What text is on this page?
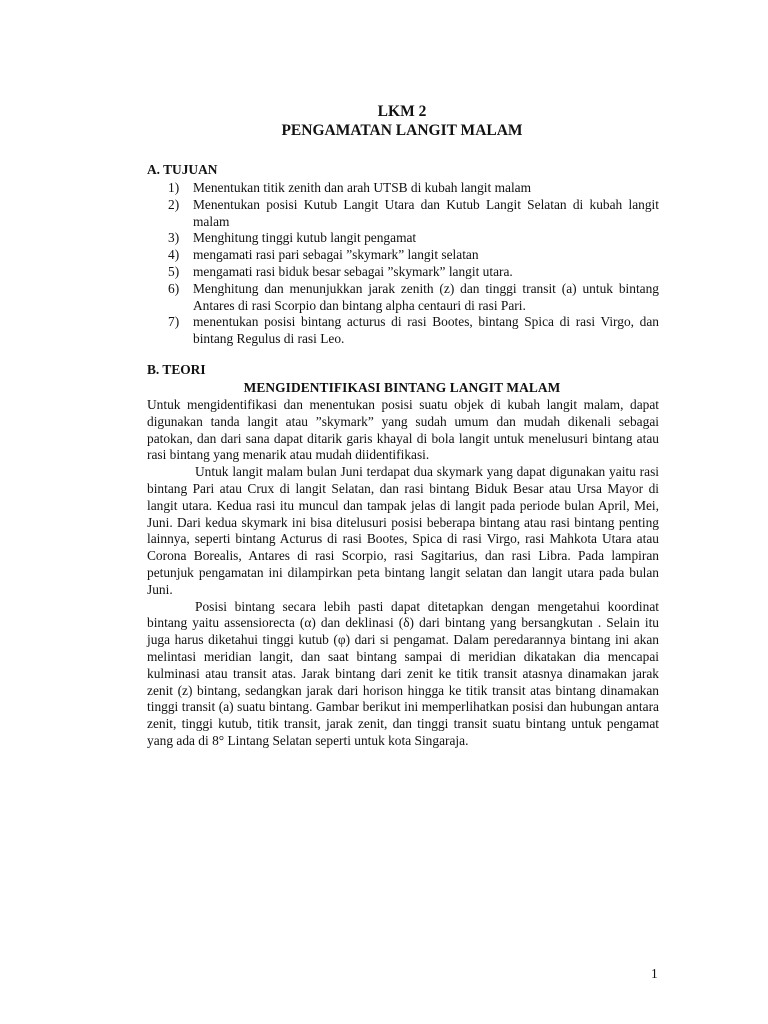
LKM 2
PENGAMATAN LANGIT MALAM
A. TUJUAN
1) Menentukan titik zenith dan arah UTSB di kubah langit malam
2) Menentukan posisi Kutub Langit Utara dan Kutub Langit Selatan di kubah langit malam
3) Menghitung tinggi kutub langit pengamat
4) mengamati rasi pari sebagai ”skymark” langit selatan
5) mengamati rasi biduk besar sebagai ”skymark” langit utara.
6) Menghitung dan menunjukkan jarak zenith (z) dan tinggi transit (a) untuk bintang Antares di rasi Scorpio dan bintang alpha centauri di rasi Pari.
7) menentukan posisi bintang acturus di rasi Bootes, bintang Spica di rasi Virgo, dan bintang Regulus di rasi Leo.
B. TEORI
MENGIDENTIFIKASI BINTANG LANGIT MALAM

Untuk mengidentifikasi dan menentukan posisi suatu objek di kubah langit malam, dapat digunakan tanda langit atau ”skymark” yang sudah umum dan mudah dikenali sebagai patokan, dan dari sana dapat ditarik garis khayal di bola langit untuk menelusuri bintang atau rasi bintang yang menarik atau mudah diidentifikasi.

Untuk langit malam bulan Juni terdapat dua skymark yang dapat digunakan yaitu rasi bintang Pari atau Crux di langit Selatan, dan rasi bintang Biduk Besar atau Ursa Mayor di langit utara. Kedua rasi itu muncul dan tampak jelas di langit pada periode bulan April, Mei, Juni. Dari kedua skymark ini bisa ditelusuri posisi beberapa bintang atau rasi bintang penting lainnya, seperti bintang Acturus di rasi Bootes, Spica di rasi Virgo, rasi Mahkota Utara atau Corona Borealis, Antares di rasi Scorpio, rasi Sagitarius, dan rasi Libra. Pada lampiran petunjuk pengamatan ini dilampirkan peta bintang langit selatan dan langit utara pada bulan Juni.

Posisi bintang secara lebih pasti dapat ditetapkan dengan mengetahui koordinat bintang yaitu assensiorecta (α) dan deklinasi (δ) dari bintang yang bersangkutan . Selain itu juga harus diketahui tinggi kutub (φ) dari si pengamat. Dalam peredarannya bintang ini akan melintasi meridian langit, dan saat bintang sampai di meridian dikatakan dia mencapai kulminasi atau transit atas. Jarak bintang dari zenit ke titik transit atasnya dinamakan jarak zenit (z) bintang, sedangkan jarak dari horison hingga ke titik transit atas bintang dinamakan tinggi transit (a) suatu bintang. Gambar berikut ini memperlihatkan posisi dan hubungan antara zenit, tinggi kutub, titik transit, jarak zenit, dan tinggi transit suatu bintang untuk pengamat yang ada di 8° Lintang Selatan seperti untuk kota Singaraja.

1
